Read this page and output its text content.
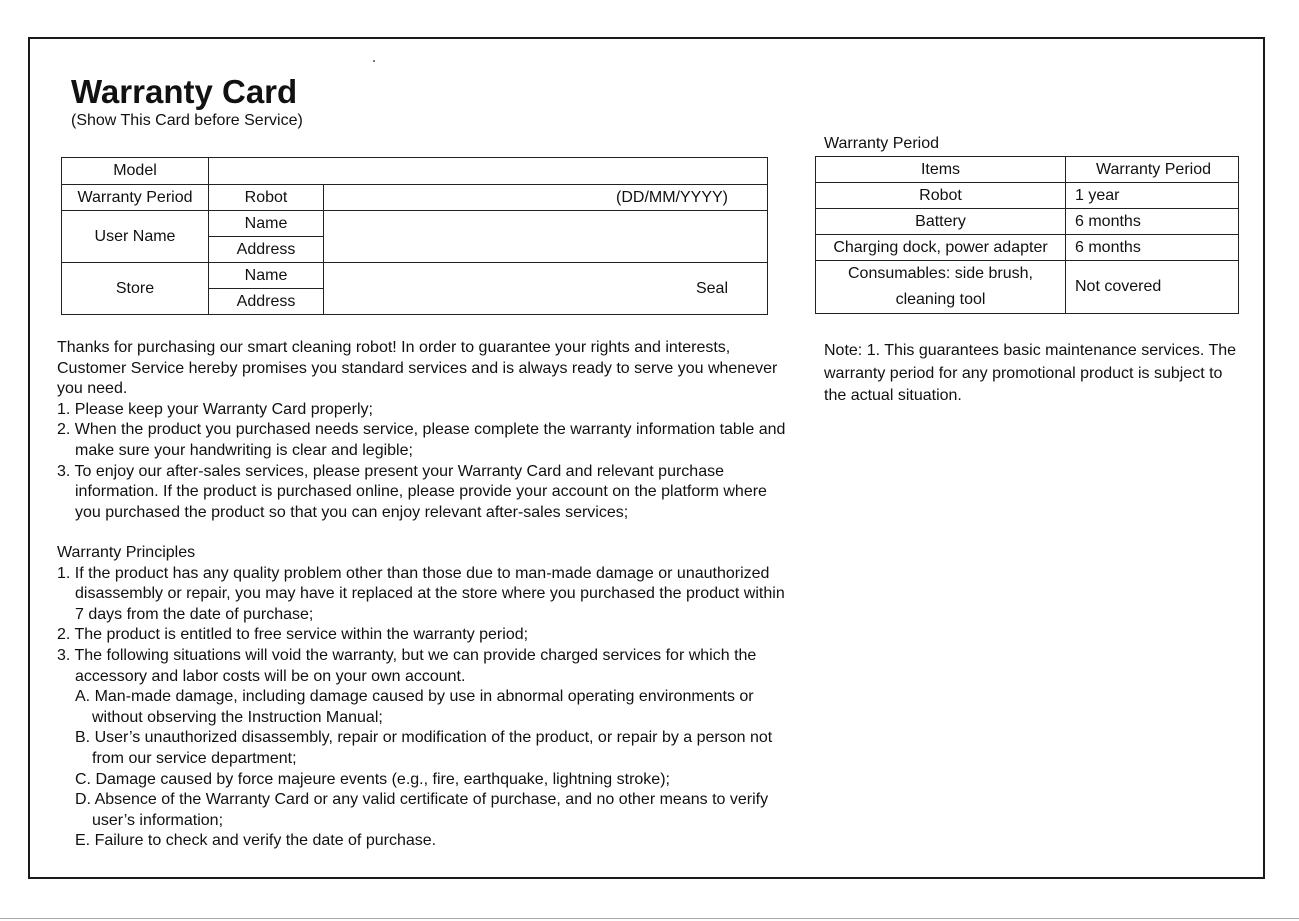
Warranty Card
(Show This Card before Service)
Model		
Warranty Period	Robot	(DD/MM/YYYY)
User Name	Name	
	Address	
Store	Name	Seal
	Address	
Warranty Period
Items	Warranty Period
Robot	1 year
Battery	6 months
Charging dock, power adapter	6 months
Consumables: side brush,
cleaning tool	Not covered

Thanks for purchasing our smart cleaning robot! In order to guarantee your rights and interests, Customer Service hereby promises you standard services and is always ready to serve you whenever you need.

1. Please keep your Warranty Card properly;

2. When the product you purchased needs service, please complete the warranty information table and make sure your handwriting is clear and legible;

3. To enjoy our after-sales services, please present your Warranty Card and relevant purchase information. If the product is purchased online, please provide your account on the platform where you purchased the product so that you can enjoy relevant after-sales services;

Warranty Principles

1. If the product has any quality problem other than those due to man-made damage or unauthorized disassembly or repair, you may have it replaced at the store where you purchased the product within 7 days from the date of purchase;

2. The product is entitled to free service within the warranty period;

3. The following situations will void the warranty, but we can provide charged services for which the accessory and labor costs will be on your own account.

A. Man-made damage, including damage caused by use in abnormal operating environments or without observing the Instruction Manual;

B. User’s unauthorized disassembly, repair or modification of the product, or repair by a person not from our service department;

C. Damage caused by force majeure events (e.g., fire, earthquake, lightning stroke);

D. Absence of the Warranty Card or any valid certificate of purchase, and no other means to verify user’s information;

E. Failure to check and verify the date of purchase.

Note: 1. This guarantees basic maintenance services. The warranty period for any promotional product is subject to the actual situation.
